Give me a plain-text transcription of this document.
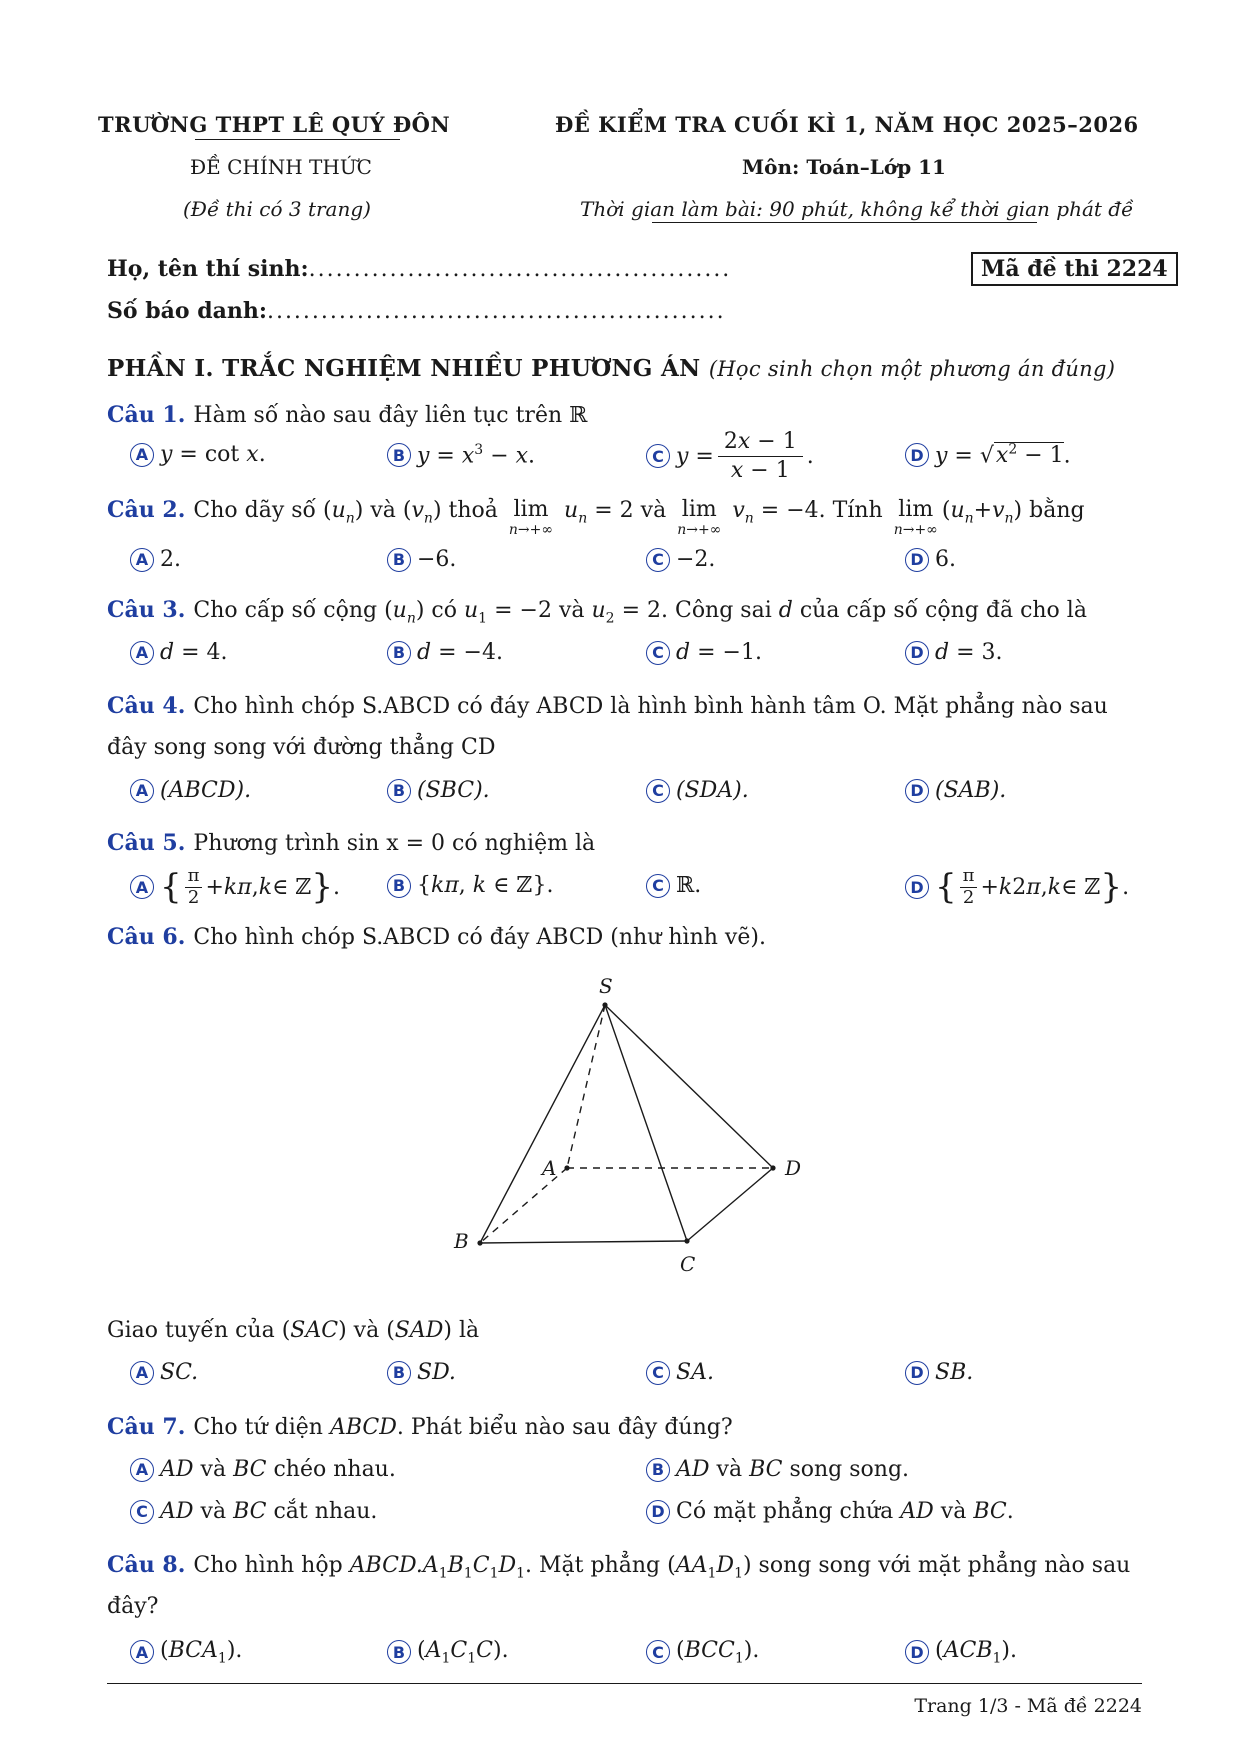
TRƯỜNG THPT LÊ QUÝ ĐÔN
ĐỀ CHÍNH THỨC
(Đề thi có 3 trang)
ĐỀ KIỂM TRA CUỐI KÌ 1, NĂM HỌC 2025–2026
Môn: Toán–Lớp 11
Thời gian làm bài: 90 phút, không kể thời gian phát đề
Họ, tên thí sinh:...............................................
Số báo danh:...................................................
Mã đề thi 2224
PHẦN I. TRẮC NGHIỆM NHIỀU PHƯƠNG ÁN (Học sinh chọn một phương án đúng)
Câu 1. Hàm số nào sau đây liên tục trên ℝ
A y = cot x.	B $y = x^3 - x$.	C $y = \frac{2x - 1}{x - 1}$ .	D $y = √x^2 - 1$.
Câu 2. Cho dãy số $(u_n)$ và $(v_n)$ thoả lim
n→+∞
$u_n = 2$ và lim
n→+∞
$v_n = -4$. Tính lim
n→+∞
$(u_n+v_n)$ bằng
A 2.	B −6.	C −2.	D 6.
Câu 3. Cho cấp số cộng $(u_n)$ có $u_1 = -2$ và $u_2 = 2$. Công sai d của cấp số cộng đã cho là
A d = 4.	B d = −4.	C d = −1.	D d = 3.
Câu 4. Cho hình chóp S.ABCD có đáy ABCD là hình bình hành tâm O. Mặt phẳng nào sau
đây song song với đường thẳng CD
A (ABCD).	B (SBC).	C (SDA).	D (SAB).
Câu 5. Phương trình sin x = 0 có nghiệm là
A { $\frac{\pi}{2} + k\pi$ , k ∈ ℤ } .	B {kπ, k ∈ ℤ}.	C ℝ.	D { $\frac{\pi}{2} + k$ 2 π , k ∈ ℤ } .
Câu 6. Cho hình chóp S.ABCD có đáy ABCD (như hình vẽ).
S
A
B
C
D
Giao tuyến của (SAC) và (SAD) là
A SC.	B SD.	C SA.	D SB.
Câu 7. Cho tứ diện ABCD. Phát biểu nào sau đây đúng?
A AD và BC chéo nhau.	B AD và BC song song.
C AD và BC cắt nhau.	D Có mặt phẳng chứa AD và BC.
Câu 8. Cho hình hộp $ABCD.A_1B_1C_1D_1$. Mặt phẳng $(AA_1D_1)$ song song với mặt phẳng nào sau
đây?
A $(BCA_1)$.	B $(A_1C_1C)$.	C $(BCC_1)$.	D $(ACB_1)$.
Trang 1/3 - Mã đề 2224
